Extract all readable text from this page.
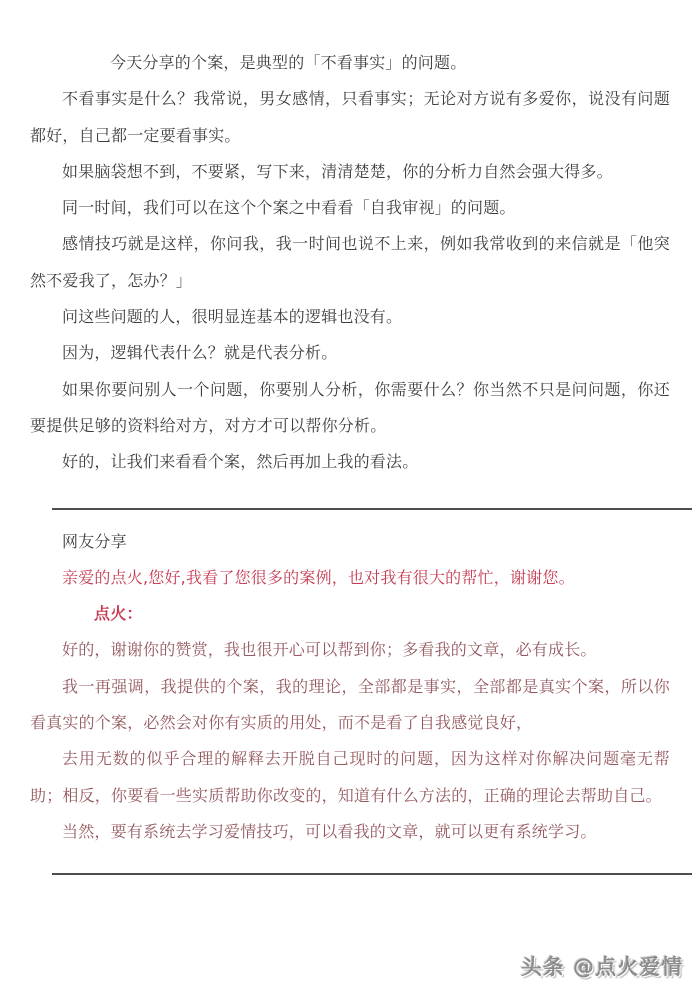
今天分享的个案，是典型的「不看事实」的问题。

不看事实是什么？我常说，男女感情，只看事实；无论对方说有多爱你，说没有问题都好，自己都一定要看事实。

如果脑袋想不到，不要紧，写下来，清清楚楚，你的分析力自然会强大得多。

同一时间，我们可以在这个个案之中看看「自我审视」的问题。

感情技巧就是这样，你问我，我一时间也说不上来，例如我常收到的来信就是「他突然不爱我了，怎办？」

问这些问题的人，很明显连基本的逻辑也没有。

因为，逻辑代表什么？就是代表分析。

如果你要问别人一个问题，你要别人分析，你需要什么？你当然不只是问问题，你还要提供足够的资料给对方，对方才可以帮你分析。

好的，让我们来看看个案，然后再加上我的看法。

网友分享

亲爱的点火,您好,我看了您很多的案例，也对我有很大的帮忙，谢谢您。

点火：

好的，谢谢你的赞赏，我也很开心可以帮到你；多看我的文章，必有成长。

我一再强调，我提供的个案，我的理论，全部都是事实，全部都是真实个案，所以你看真实的个案，必然会对你有实质的用处，而不是看了自我感觉良好，

去用无数的似乎合理的解释去开脱自己现时的问题，因为这样对你解决问题毫无帮助；相反，你要看一些实质帮助你改变的，知道有什么方法的，正确的理论去帮助自己。

当然，要有系统去学习爱情技巧，可以看我的文章，就可以更有系统学习。

头条 @点火爱情
